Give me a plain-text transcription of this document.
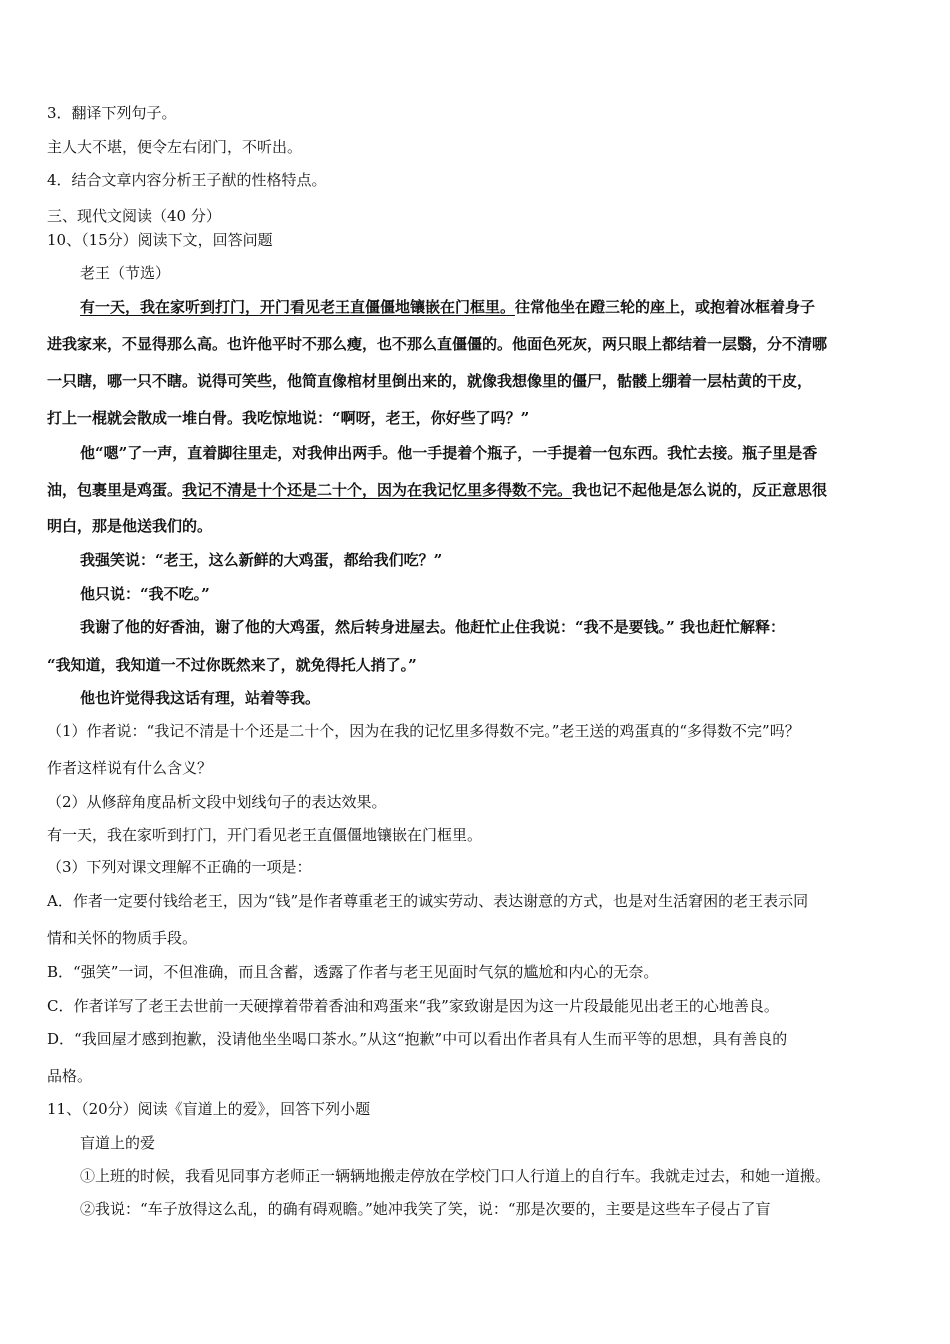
3．翻译下列句子。
主人大不堪，便令左右闭门，不听出。
4．结合文章内容分析王子猷的性格特点。
三、现代文阅读（40 分）
10、（15分）阅读下文，回答问题
老王（节选）
有一天，我在家听到打门，开门看见老王直僵僵地镶嵌在门框里。往常他坐在蹬三轮的座上，或抱着冰框着身子
进我家来，不显得那么高。也许他平时不那么瘦，也不那么直僵僵的。他面色死灰，两只眼上都结着一层翳，分不清哪
一只瞎，哪一只不瞎。说得可笑些，他简直像棺材里倒出来的，就像我想像里的僵尸，骷髅上绷着一层枯黄的干皮，
打上一棍就会散成一堆白骨。我吃惊地说：“啊呀，老王，你好些了吗？”
他“嗯”了一声，直着脚往里走，对我伸出两手。他一手提着个瓶子，一手提着一包东西。我忙去接。瓶子里是香
油，包裹里是鸡蛋。我记不清是十个还是二十个，因为在我记忆里多得数不完。我也记不起他是怎么说的，反正意思很
明白，那是他送我们的。
我强笑说：“老王，这么新鲜的大鸡蛋，都给我们吃？”
他只说：“我不吃。”
我谢了他的好香油，谢了他的大鸡蛋，然后转身进屋去。他赶忙止住我说：“我不是要钱。” 我也赶忙解释：
“我知道，我知道一不过你既然来了，就免得托人捎了。”
他也许觉得我这话有理，站着等我。
（1）作者说：“我记不清是十个还是二十个，因为在我的记忆里多得数不完。”老王送的鸡蛋真的“多得数不完”吗？
作者这样说有什么含义？
（2）从修辞角度品析文段中划线句子的表达效果。
有一天，我在家听到打门，开门看见老王直僵僵地镶嵌在门框里。
（3）下列对课文理解不正确的一项是：
A．作者一定要付钱给老王，因为“钱”是作者尊重老王的诚实劳动、表达谢意的方式，也是对生活窘困的老王表示同
情和关怀的物质手段。
B．“强笑”一词，不但准确，而且含蓄，透露了作者与老王见面时气氛的尴尬和内心的无奈。
C．作者详写了老王去世前一天硬撑着带着香油和鸡蛋来“我”家致谢是因为这一片段最能见出老王的心地善良。
D．“我回屋才感到抱歉，没请他坐坐喝口茶水。”从这“抱歉”中可以看出作者具有人生而平等的思想，具有善良的
品格。
11、（20分）阅读《盲道上的爱》，回答下列小题
盲道上的爱
①上班的时候，我看见同事方老师正一辆辆地搬走停放在学校门口人行道上的自行车。我就走过去，和她一道搬。
②我说：“车子放得这么乱，的确有碍观瞻。”她冲我笑了笑，说：“那是次要的，主要是这些车子侵占了盲
